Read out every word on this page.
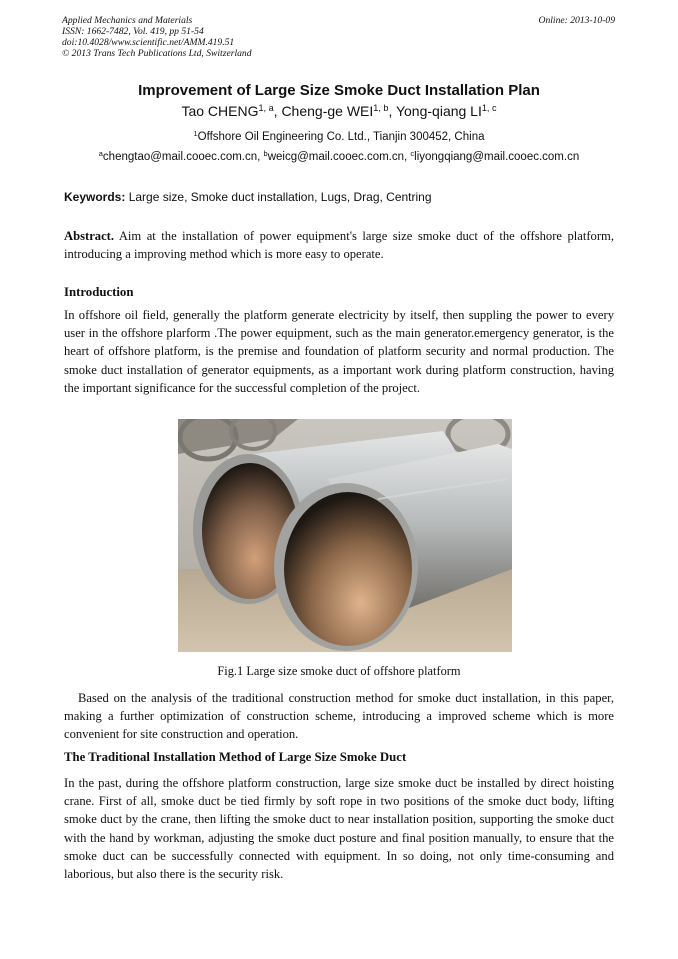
Applied Mechanics and Materials
ISSN: 1662-7482, Vol. 419, pp 51-54
doi:10.4028/www.scientific.net/AMM.419.51
© 2013 Trans Tech Publications Ltd, Switzerland
Online: 2013-10-09
Improvement of Large Size Smoke Duct Installation Plan
Tao CHENG$^{1, a}$, Cheng-ge WEI$^{1, b}$, Yong-qiang LI$^{1, c}$
$^1$Offshore Oil Engineering Co. Ltd., Tianjin 300452, China
$^a$chengtao@mail.cooec.com.cn, $^b$weicg@mail.cooec.com.cn, $^c$liyongqiang@mail.cooec.com.cn
Keywords: Large size, Smoke duct installation, Lugs, Drag, Centring
Abstract. Aim at the installation of power equipment's large size smoke duct of the offshore platform, introducing a improving method which is more easy to operate.
Introduction
In offshore oil field, generally the platform generate electricity by itself, then suppling the power to every user in the offshore plarform .The power equipment, such as the main generator.emergency generator, is the heart of offshore platform, is the premise and foundation of platform security and normal production. The smoke duct installation of generator equipments, as a important work during platform construction, having the important significance for the successful completion of the project.
Fig.1 Large size smoke duct of offshore platform
Based on the analysis of the traditional construction method for smoke duct installation, in this paper, making a further optimization of construction scheme, introducing a improved scheme which is more convenient for site construction and operation.
The Traditional Installation Method of Large Size Smoke Duct
In the past, during the offshore platform construction, large size smoke duct be installed by direct hoisting crane. First of all, smoke duct be tied firmly by soft rope in two positions of the smoke duct body, lifting smoke duct by the crane, then lifting the smoke duct to near installation position, supporting the smoke duct with the hand by workman, adjusting the smoke duct posture and final position manually, to ensure that the smoke duct can be successfully connected with equipment. In so doing, not only time-consuming and laborious, but also there is the security risk.
